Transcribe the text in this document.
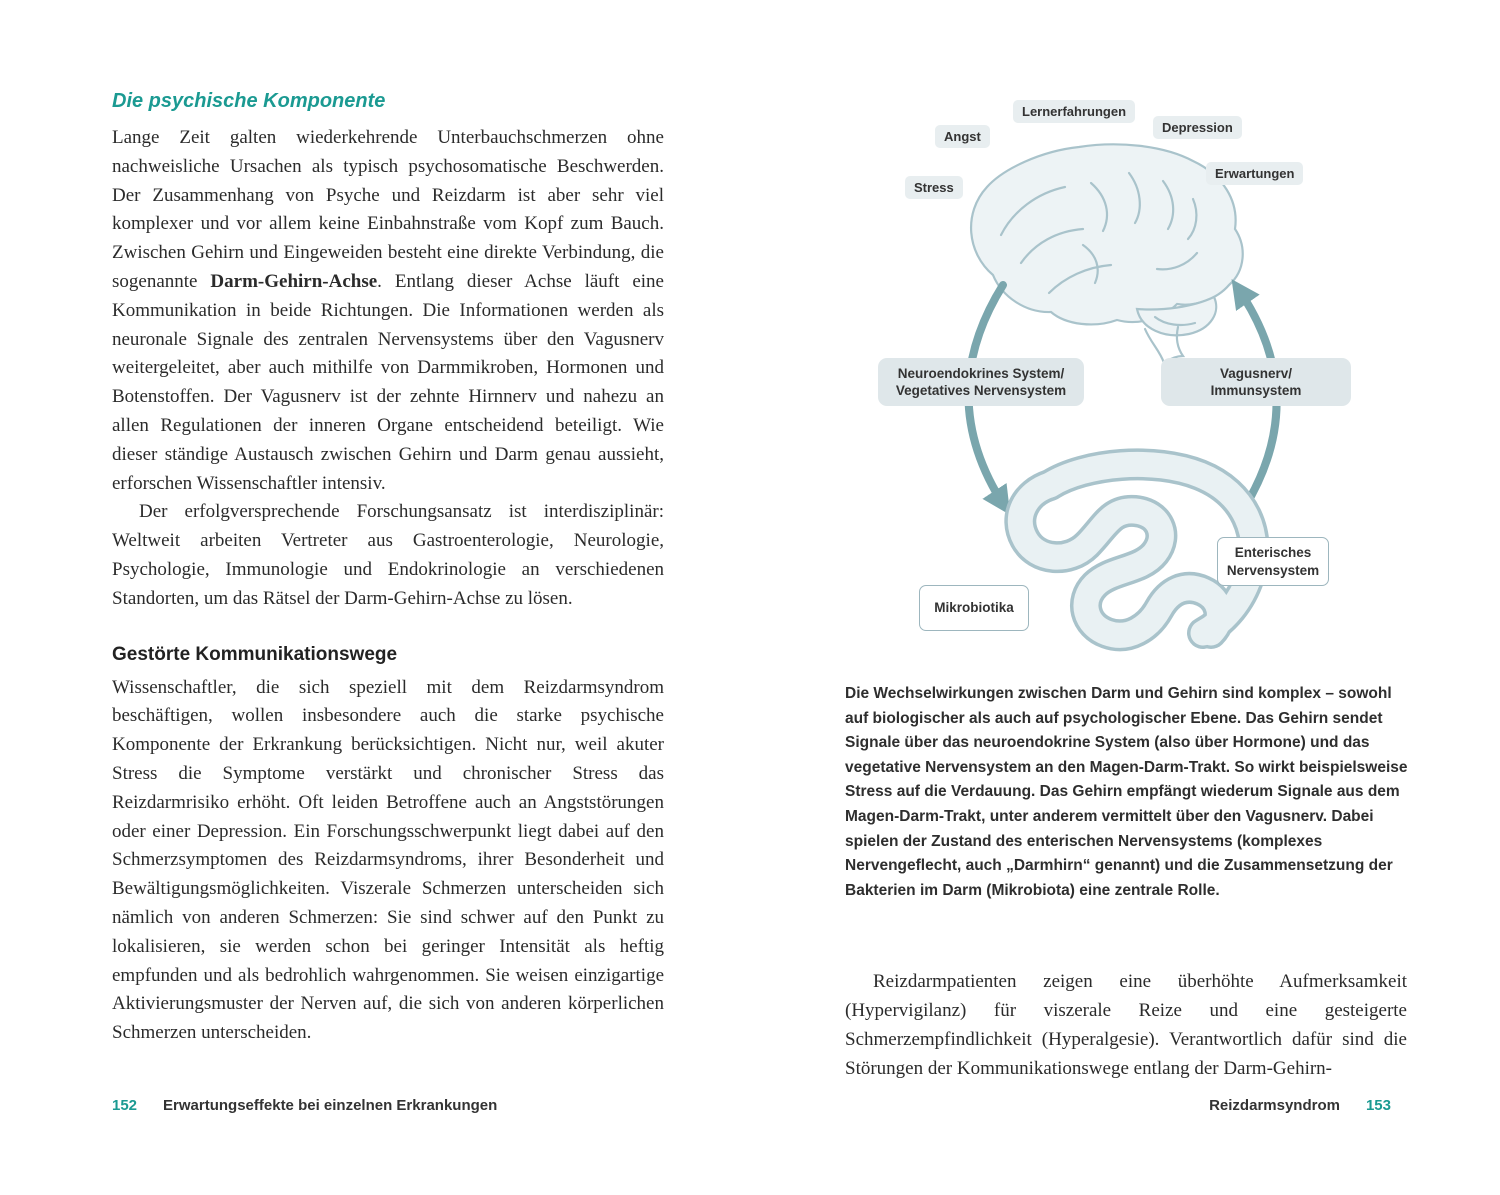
Die psychische Komponente

Lange Zeit galten wiederkehrende Unterbauchschmerzen ohne nachweisliche Ursachen als typisch psychosomatische Beschwerden. Der Zusammenhang von Psyche und Reizdarm ist aber sehr viel komplexer und vor allem keine Einbahnstraße vom Kopf zum Bauch. Zwischen Gehirn und Eingeweiden besteht eine direkte Verbindung, die sogenannte Darm-Gehirn-Achse. Entlang dieser Achse läuft eine Kommunikation in beide Richtungen. Die Informationen werden als neuronale Signale des zentralen Nervensystems über den Vagusnerv weitergeleitet, aber auch mithilfe von Darmmikroben, Hormonen und Botenstoffen. Der Vagusnerv ist der zehnte Hirnnerv und nahezu an allen Regulationen der inneren Organe entscheidend beteiligt. Wie dieser ständige Austausch zwischen Gehirn und Darm genau aussieht, erforschen Wissenschaftler intensiv.

Der erfolgversprechende Forschungsansatz ist interdisziplinär: Weltweit arbeiten Vertreter aus Gastroenterologie, Neurologie, Psychologie, Immunologie und Endokrinologie an verschiedenen Standorten, um das Rätsel der Darm-Gehirn-Achse zu lösen.

Gestörte Kommunikationswege

Wissenschaftler, die sich speziell mit dem Reizdarmsyndrom beschäftigen, wollen insbesondere auch die starke psychische Komponente der Erkrankung berücksichtigen. Nicht nur, weil akuter Stress die Symptome verstärkt und chronischer Stress das Reizdarmrisiko erhöht. Oft leiden Betroffene auch an Angststörungen oder einer Depression. Ein Forschungsschwerpunkt liegt dabei auf den Schmerzsymptomen des Reizdarmsyndroms, ihrer Besonderheit und Bewältigungsmöglichkeiten. Viszerale Schmerzen unterscheiden sich nämlich von anderen Schmerzen: Sie sind schwer auf den Punkt zu lokalisieren, sie werden schon bei geringer Intensität als heftig empfunden und als bedrohlich wahrgenommen. Sie weisen einzigartige Aktivierungsmuster der Nerven auf, die sich von anderen körperlichen Schmerzen unterscheiden.

152 Erwartungseffekte bei einzelnen Erkrankungen
Angst
Lernerfahrungen
Depression
Stress
Erwartungen
Neuroendokrines System/
Vegetatives Nervensystem
Vagusnerv/
Immunsystem
Enterisches
Nervensystem
Mikrobiotika
Die Wechselwirkungen zwischen Darm und Gehirn sind komplex – sowohl auf biologischer als auch auf psychologischer Ebene. Das Gehirn sendet Signale über das neuroendokrine System (also über Hormone) und das vegetative Nervensystem an den Magen-Darm-Trakt. So wirkt beispielsweise Stress auf die Verdauung. Das Gehirn empfängt wiederum Signale aus dem Magen-Darm-Trakt, unter anderem vermittelt über den Vagusnerv. Dabei spielen der Zustand des enterischen Nervensystems (komplexes Nervengeflecht, auch „Darmhirn“ genannt) und die Zusammensetzung der Bakterien im Darm (Mikrobiota) eine zentrale Rolle.

Reizdarmpatienten zeigen eine überhöhte Aufmerksamkeit (Hypervigilanz) für viszerale Reize und eine gesteigerte Schmerzempfindlichkeit (Hyperalgesie). Verantwortlich dafür sind die Störungen der Kommunikationswege entlang der Darm-Gehirn-

Reizdarmsyndrom 153
